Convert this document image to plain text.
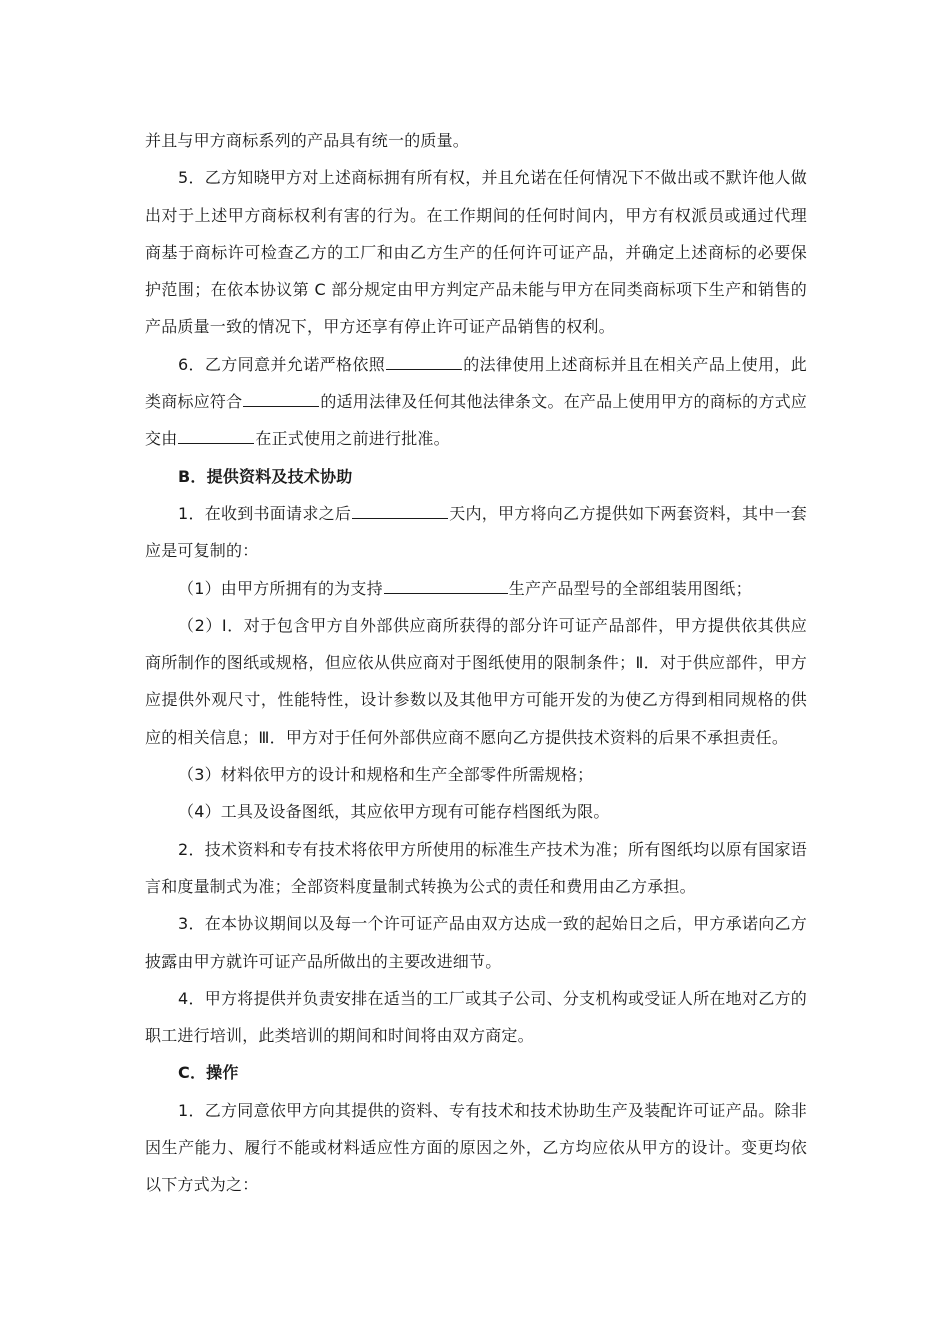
并且与甲方商标系列的产品具有统一的质量。

5．乙方知晓甲方对上述商标拥有所有权，并且允诺在任何情况下不做出或不默许他人做出对于上述甲方商标权利有害的行为。在工作期间的任何时间内，甲方有权派员或通过代理商基于商标许可检查乙方的工厂和由乙方生产的任何许可证产品，并确定上述商标的必要保护范围；在依本协议第 C 部分规定由甲方判定产品未能与甲方在同类商标项下生产和销售的产品质量一致的情况下，甲方还享有停止许可证产品销售的权利。

6．乙方同意并允诺严格依照	的法律使用上述商标并且在相关产品上使用，此类商标应符合	的适用法律及任何其他法律条文。在产品上使用甲方的商标的方式应交由	在正式使用之前进行批准。

B．提供资料及技术协助

1．在收到书面请求之后	天内，甲方将向乙方提供如下两套资料，其中一套应是可复制的：

（1）由甲方所拥有的为支持	生产产品型号的全部组装用图纸；

（2）Ⅰ．对于包含甲方自外部供应商所获得的部分许可证产品部件，甲方提供依其供应商所制作的图纸或规格，但应依从供应商对于图纸使用的限制条件；Ⅱ．对于供应部件，甲方应提供外观尺寸，性能特性，设计参数以及其他甲方可能开发的为使乙方得到相同规格的供应的相关信息；Ⅲ．甲方对于任何外部供应商不愿向乙方提供技术资料的后果不承担责任。

（3）材料依甲方的设计和规格和生产全部零件所需规格；

（4）工具及设备图纸，其应依甲方现有可能存档图纸为限。

2．技术资料和专有技术将依甲方所使用的标准生产技术为准；所有图纸均以原有国家语言和度量制式为准；全部资料度量制式转换为公式的责任和费用由乙方承担。

3．在本协议期间以及每一个许可证产品由双方达成一致的起始日之后，甲方承诺向乙方披露由甲方就许可证产品所做出的主要改进细节。

4．甲方将提供并负责安排在适当的工厂或其子公司、分支机构或受证人所在地对乙方的职工进行培训，此类培训的期间和时间将由双方商定。

C．操作

1．乙方同意依甲方向其提供的资料、专有技术和技术协助生产及装配许可证产品。除非因生产能力、履行不能或材料适应性方面的原因之外，乙方均应依从甲方的设计。变更均依以下方式为之：
